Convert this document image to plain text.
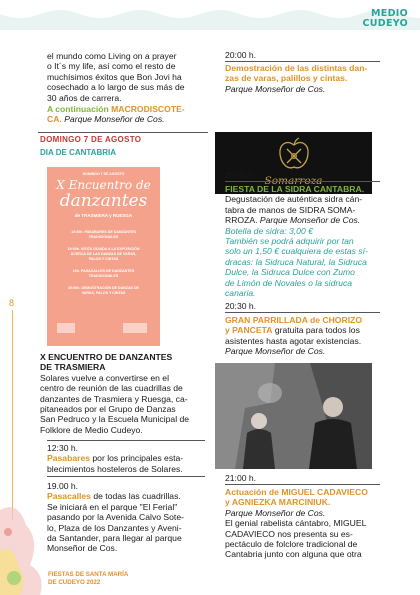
MEDIO
CUDEYO
8

el mundo como Living on a prayer

o It´s my life, así como el resto de

muchísimos éxitos que Bon Jovi ha

cosechado a lo largo de sus más de

30 años de carrera.

A continuación MACRODISCOTE-

CA. Parque Monseñor de Cos.

DOMINGO 7 DE AGOSTO
DIA DE CANTABRIA
DOMINGO 7 DE AGOSTO
X Encuentro de
danzantes
de TRASMIERA y RUESGA
12:30h. PASABARES DE DANZANTES
TRADICIONALES
19:00h. VISITA GUIADA A LA EXPOSICIÓN
ACERCA DE LAS DANZAS DE VARAS,
PALOS Y CINTAS
19h. PASACALLES DE DANZANTES
TRADICIONALES
20:00h. DEMOSTRACIÓN DE DANZAS DE
VARAS, PALOS Y CINTAS

X ENCUENTRO DE DANZANTES

DE TRASMIERA

Solares vuelve a convertirse en el

centro de reunión de las cuadrillas de

danzantes de Trasmiera y Ruesga, ca-

pitaneados por el Grupo de Danzas

San Pedruco y la Escuela Municipal de

Folklore de Medio Cudeyo.

12:30 h.

Pasabares por los principales esta-

blecimientos hosteleros de Solares.

19.00 h.

Pasacalles de todas las cuadrillas.

Se iniciará en el parque "El Ferial"

pasando por la Avenida Calvo Sote-

lo, Plaza de los Danzantes y Aveni-

da Santander, para llegar al parque

Monseñor de Cos.

FIESTAS DE SANTA MARÍA
DE CUDEYO 2022

20:00 h.

Demostración de las distintas dan-

zas de varas, palillos y cintas.

Parque Monseñor de Cos.

Somarroza

20:00 h.

FIESTA DE LA SIDRA CANTABRA.

Degustación de auténtica sidra cán-

tabra de manos de SIDRA SOMA-

RROZA. Parque Monseñor de Cos.

Botella de sidra: 3,00 €

También se podrá adquirir por tan

solo un 1,50 € cualquiera de estas sí-

dracas: la Sidruca Natural, la Sidruca

Dulce, la Sidruca Dulce con Zumo

de Limón de Novales o la sidruca

canaria.

20:30 h.

GRAN PARRILLADA de CHORIZO

y PANCETA gratuita para todos los

asistentes hasta agotar existencias.

Parque Monseñor de Cos.

21:00 h.

Actuación de MIGUEL CADAVIECO

y AGNIEZKA MARCINIUK.

Parque Monseñor de Cos.

El genial rabelista cántabro, MIGUEL

CADAVIECO nos presenta su es-

pectáculo de folclore tradicional de

Cantabria junto con alguna que otra
